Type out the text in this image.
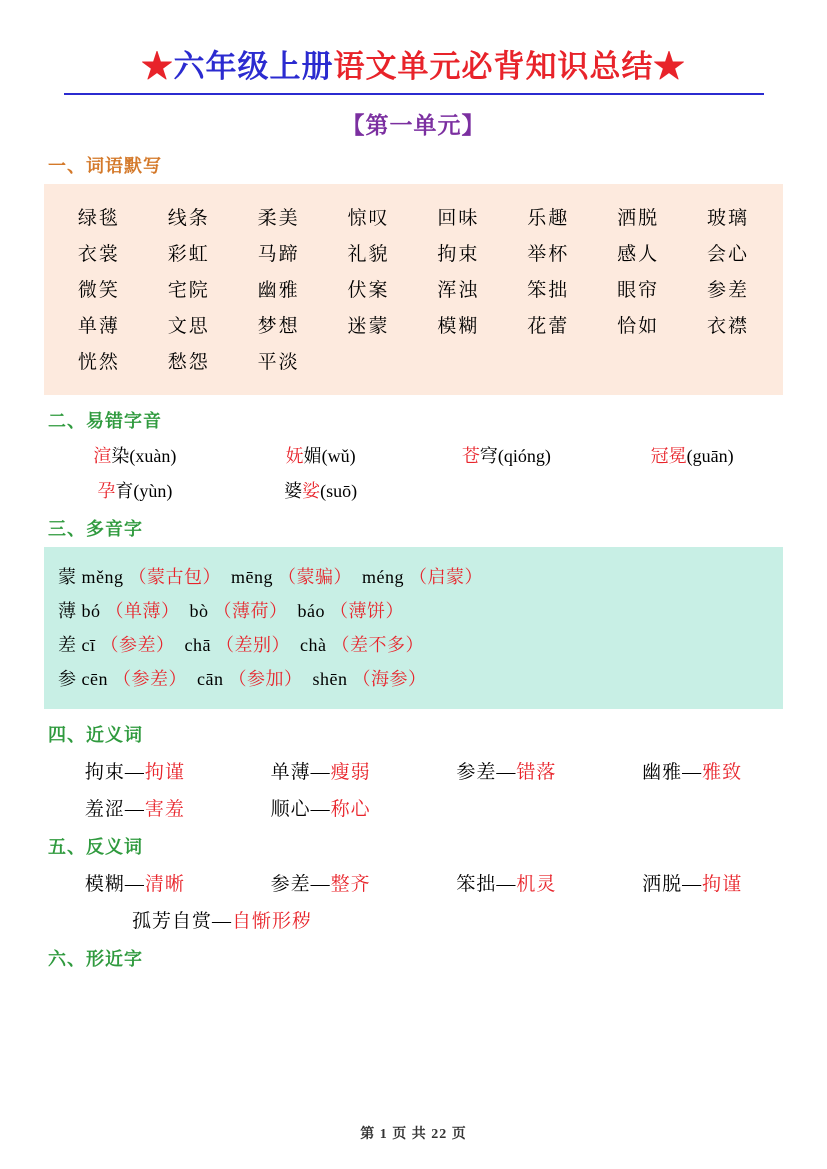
★六年级上册语文单元必背知识总结★
【第一单元】
一、词语默写
绿毯	线条	柔美	惊叹	回味	乐趣	洒脱	玻璃
衣裳	彩虹	马蹄	礼貌	拘束	举杯	感人	会心
微笑	宅院	幽雅	伏案	浑浊	笨拙	眼帘	参差
单薄	文思	梦想	迷蒙	模糊	花蕾	恰如	衣襟
恍然	愁怨	平淡
二、易错字音
渲染(xuàn)	妩媚(wǔ)	苍穹(qióng)	冠冕(guān)
孕育(yùn)	婆娑(suō)
三、多音字
蒙 měng （蒙古包） mēng （蒙骗） méng （启蒙）
薄 bó （单薄） bò （薄荷） báo （薄饼）
差 cī （参差） chā （差别） chà （差不多）
参 cēn （参差） cān （参加） shēn （海参）
四、近义词
拘束—拘谨	单薄—瘦弱	参差—错落	幽雅—雅致
羞涩—害羞	顺心—称心
五、反义词
模糊—清晰	参差—整齐	笨拙—机灵	洒脱—拘谨
孤芳自赏—自惭形秽
六、形近字
第 1 页 共 22 页
